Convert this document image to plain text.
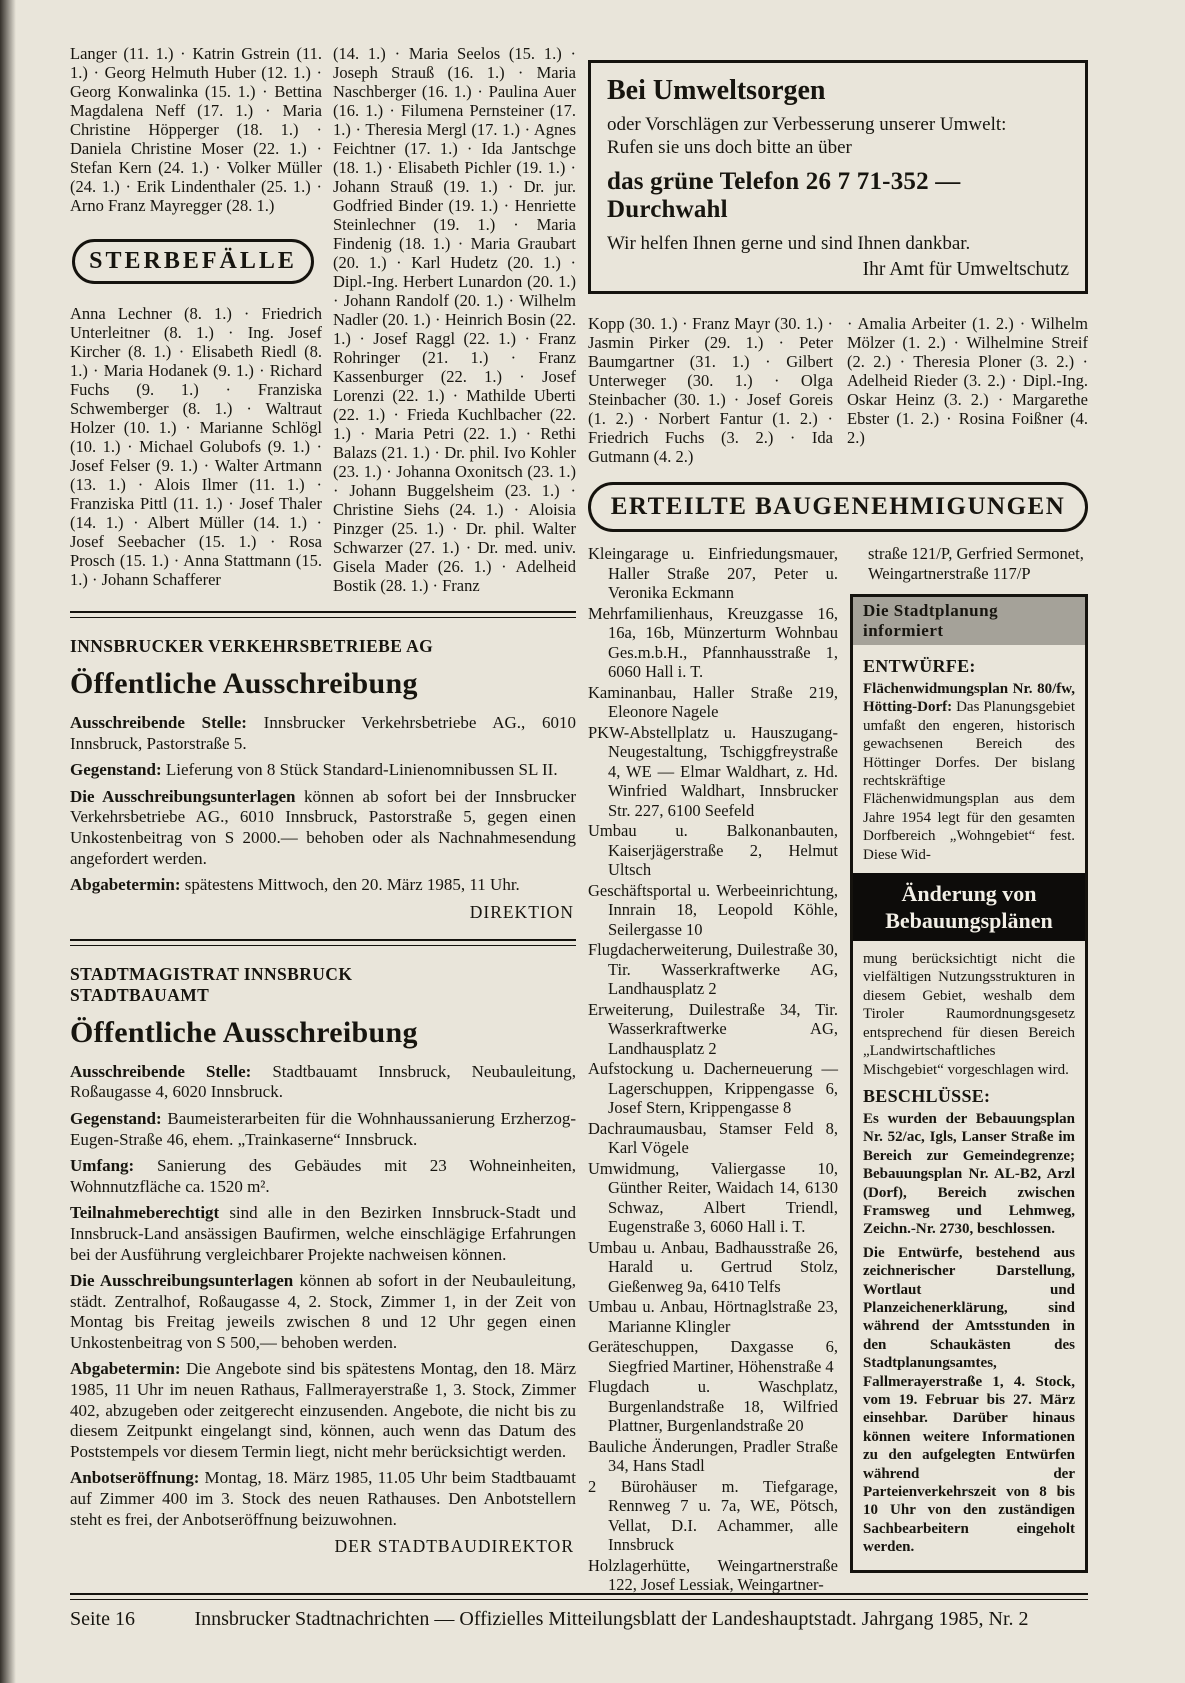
Langer (11. 1.) · Katrin Gstrein (11. 1.) · Georg Helmuth Huber (12. 1.) · Georg Konwalinka (15. 1.) · Bettina Magdalena Neff (17. 1.) · Maria Christine Höpperger (18. 1.) · Daniela Christine Moser (22. 1.) · Stefan Kern (24. 1.) · Volker Müller (24. 1.) · Erik Lindenthaler (25. 1.) · Arno Franz Mayregger (28. 1.)

STERBEFÄLLE

Anna Lechner (8. 1.) · Friedrich Unterleitner (8. 1.) · Ing. Josef Kircher (8. 1.) · Elisabeth Riedl (8. 1.) · Maria Hodanek (9. 1.) · Richard Fuchs (9. 1.) · Franziska Schwemberger (8. 1.) · Waltraut Holzer (10. 1.) · Marianne Schlögl (10. 1.) · Michael Golubofs (9. 1.) · Josef Felser (9. 1.) · Walter Artmann (13. 1.) · Alois Ilmer (11. 1.) · Franziska Pittl (11. 1.) · Josef Thaler (14. 1.) · Albert Müller (14. 1.) · Josef Seebacher (15. 1.) · Rosa Prosch (15. 1.) · Anna Stattmann (15. 1.) · Johann Schafferer

(14. 1.) · Maria Seelos (15. 1.) · Joseph Strauß (16. 1.) · Maria Naschberger (16. 1.) · Paulina Auer (16. 1.) · Filumena Pernsteiner (17. 1.) · Theresia Mergl (17. 1.) · Agnes Feichtner (17. 1.) · Ida Jantschge (18. 1.) · Elisabeth Pichler (19. 1.) · Johann Strauß (19. 1.) · Dr. jur. Godfried Binder (19. 1.) · Henriette Steinlechner (19. 1.) · Maria Findenig (18. 1.) · Maria Graubart (20. 1.) · Karl Hudetz (20. 1.) · Dipl.-Ing. Herbert Lunardon (20. 1.) · Johann Randolf (20. 1.) · Wilhelm Nadler (20. 1.) · Heinrich Bosin (22. 1.) · Josef Raggl (22. 1.) · Franz Rohringer (21. 1.) · Franz Kassenburger (22. 1.) · Josef Lorenzi (22. 1.) · Mathilde Uberti (22. 1.) · Frieda Kuchlbacher (22. 1.) · Maria Petri (22. 1.) · Rethi Balazs (21. 1.) · Dr. phil. Ivo Kohler (23. 1.) · Johanna Oxonitsch (23. 1.) · Johann Buggelsheim (23. 1.) · Christine Siehs (24. 1.) · Aloisia Pinzger (25. 1.) · Dr. phil. Walter Schwarzer (27. 1.) · Dr. med. univ. Gisela Mader (26. 1.) · Adelheid Bostik (28. 1.) · Franz

INNSBRUCKER VERKEHRSBETRIEBE AG

Öffentliche Ausschreibung

Ausschreibende Stelle: Innsbrucker Verkehrsbetriebe AG., 6010 Innsbruck, Pastorstraße 5.

Gegenstand: Lieferung von 8 Stück Standard-Linienomnibussen SL II.

Die Ausschreibungsunterlagen können ab sofort bei der Innsbrucker Verkehrsbetriebe AG., 6010 Innsbruck, Pastorstraße 5, gegen einen Unkostenbeitrag von S 2000.— behoben oder als Nachnahmesendung angefordert werden.

Abgabetermin: spätestens Mittwoch, den 20. März 1985, 11 Uhr.

DIREKTION

STADTMAGISTRAT INNSBRUCK

STADTBAUAMT

Öffentliche Ausschreibung

Ausschreibende Stelle: Stadtbauamt Innsbruck, Neubauleitung, Roßaugasse 4, 6020 Innsbruck.

Gegenstand: Baumeisterarbeiten für die Wohnhaussanierung Erzherzog-Eugen-Straße 46, ehem. „Trainkaserne“ Innsbruck.

Umfang: Sanierung des Gebäudes mit 23 Wohneinheiten, Wohnnutzfläche ca. 1520 m².

Teilnahmeberechtigt sind alle in den Bezirken Innsbruck-Stadt und Innsbruck-Land ansässigen Baufirmen, welche einschlägige Erfahrungen bei der Ausführung vergleichbarer Projekte nachweisen können.

Die Ausschreibungsunterlagen können ab sofort in der Neubauleitung, städt. Zentralhof, Roßaugasse 4, 2. Stock, Zimmer 1, in der Zeit von Montag bis Freitag jeweils zwischen 8 und 12 Uhr gegen einen Unkostenbeitrag von S 500,— behoben werden.

Abgabetermin: Die Angebote sind bis spätestens Montag, den 18. März 1985, 11 Uhr im neuen Rathaus, Fallmerayerstraße 1, 3. Stock, Zimmer 402, abzugeben oder zeitgerecht einzusenden. Angebote, die nicht bis zu diesem Zeitpunkt eingelangt sind, können, auch wenn das Datum des Poststempels vor diesem Termin liegt, nicht mehr berücksichtigt werden.

Anbotseröffnung: Montag, 18. März 1985, 11.05 Uhr beim Stadtbauamt auf Zimmer 400 im 3. Stock des neuen Rathauses. Den Anbotstellern steht es frei, der Anbotseröffnung beizuwohnen.

DER STADTBAUDIREKTOR

Bei Umweltsorgen

oder Vorschlägen zur Verbesserung unserer Umwelt:

Rufen sie uns doch bitte an über

das grüne Telefon 26 7 71-352 — Durchwahl

Wir helfen Ihnen gerne und sind Ihnen dankbar.

Ihr Amt für Umweltschutz

Kopp (30. 1.) · Franz Mayr (30. 1.) · Jasmin Pirker (29. 1.) · Peter Baumgartner (31. 1.) · Gilbert Unterweger (30. 1.) · Olga Steinbacher (30. 1.) · Josef Goreis (1. 2.) · Norbert Fantur (1. 2.) · Friedrich Fuchs (3. 2.) · Ida Gutmann (4. 2.)

· Amalia Arbeiter (1. 2.) · Wilhelm Mölzer (1. 2.) · Wilhelmine Streif (2. 2.) · Theresia Ploner (3. 2.) · Adelheid Rieder (3. 2.) · Dipl.-Ing. Oskar Heinz (3. 2.) · Margarethe Ebster (1. 2.) · Rosina Foißner (4. 2.)

ERTEILTE BAUGENEHMIGUNGEN

Kleingarage u. Einfriedungsmauer, Haller Straße 207, Peter u. Veronika Eckmann

Mehrfamilienhaus, Kreuzgasse 16, 16a, 16b, Münzerturm Wohnbau Ges.m.b.H., Pfannhausstraße 1, 6060 Hall i. T.

Kaminanbau, Haller Straße 219, Eleonore Nagele

PKW-Abstellplatz u. Hauszugang-Neugestaltung, Tschiggfreystraße 4, WE — Elmar Waldhart, z. Hd. Winfried Waldhart, Innsbrucker Str. 227, 6100 Seefeld

Umbau u. Balkonanbauten, Kaiserjägerstraße 2, Helmut Ultsch

Geschäftsportal u. Werbeeinrichtung, Innrain 18, Leopold Köhle, Seilergasse 10

Flugdacherweiterung, Duilestraße 30, Tir. Wasserkraftwerke AG, Landhausplatz 2

Erweiterung, Duilestraße 34, Tir. Wasserkraftwerke AG, Landhausplatz 2

Aufstockung u. Dacherneuerung — Lagerschuppen, Krippengasse 6, Josef Stern, Krippengasse 8

Dachraumausbau, Stamser Feld 8, Karl Vögele

Umwidmung, Valiergasse 10, Günther Reiter, Waidach 14, 6130 Schwaz, Albert Triendl, Eugenstraße 3, 6060 Hall i. T.

Umbau u. Anbau, Badhausstraße 26, Harald u. Gertrud Stolz, Gießenweg 9a, 6410 Telfs

Umbau u. Anbau, Hörtnaglstraße 23, Marianne Klingler

Geräteschuppen, Daxgasse 6, Siegfried Martiner, Höhenstraße 4

Flugdach u. Waschplatz, Burgenlandstraße 18, Wilfried Plattner, Burgenlandstraße 20

Bauliche Änderungen, Pradler Straße 34, Hans Stadl

2 Bürohäuser m. Tiefgarage, Rennweg 7 u. 7a, WE, Pötsch, Vellat, D.I. Achammer, alle Innsbruck

Holzlagerhütte, Weingartnerstraße 122, Josef Lessiak, Weingartner-

straße 121/P, Gerfried Sermonet, Weingartnerstraße 117/P

Die Stadtplanung informiert

ENTWÜRFE:

Flächenwidmungsplan Nr. 80/fw, Hötting-Dorf: Das Planungsgebiet umfaßt den engeren, historisch gewachsenen Bereich des Höttinger Dorfes. Der bislang rechtskräftige Flächenwidmungsplan aus dem Jahre 1954 legt für den gesamten Dorfbereich „Wohngebiet“ fest. Diese Wid-

Änderung von Bebauungsplänen

mung berücksichtigt nicht die vielfältigen Nutzungsstrukturen in diesem Gebiet, weshalb dem Tiroler Raumordnungsgesetz entsprechend für diesen Bereich „Landwirtschaftliches Mischgebiet“ vorgeschlagen wird.

BESCHLÜSSE:

Es wurden der Bebauungsplan Nr. 52/ac, Igls, Lanser Straße im Bereich zur Gemeindegrenze; Bebauungsplan Nr. AL-B2, Arzl (Dorf), Bereich zwischen Framsweg und Lehmweg, Zeichn.-Nr. 2730, beschlossen.

Die Entwürfe, bestehend aus zeichnerischer Darstellung, Wortlaut und Planzeichenerklärung, sind während der Amtsstunden in den Schaukästen des Stadtplanungsamtes, Fallmerayerstraße 1, 4. Stock, vom 19. Februar bis 27. März einsehbar. Darüber hinaus können weitere Informationen zu den aufgelegten Entwürfen während der Parteienverkehrszeit von 8 bis 10 Uhr von den zuständigen Sachbearbeitern eingeholt werden.

Seite 16	Innsbrucker Stadtnachrichten — Offizielles Mitteilungsblatt der Landeshauptstadt. Jahrgang 1985, Nr. 2
